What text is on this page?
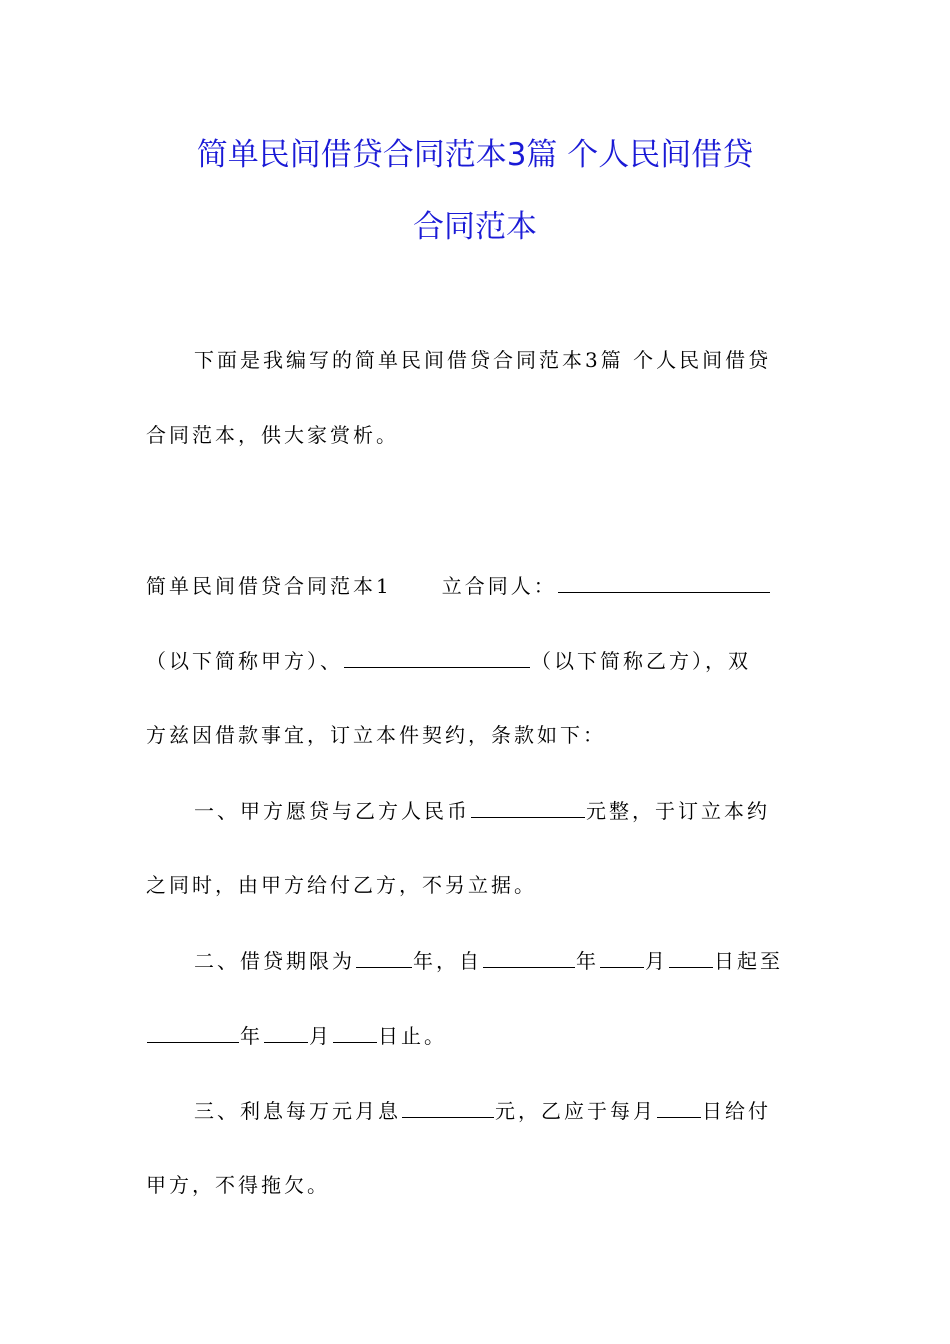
简单民间借贷合同范本3篇 个人民间借贷
合同范本
下面是我编写的简单民间借贷合同范本3篇 个人民间借贷
合同范本，供大家赏析。
简单民间借贷合同范本1	立合同人：
（以下简称甲方）、	（以下简称乙方），双
方兹因借款事宜，订立本件契约，条款如下：
一、甲方愿贷与乙方人民币	元整，于订立本约
之同时，由甲方给付乙方，不另立据。
二、借贷期限为	年，自	年 月 日起至
年 月 日止。
三、利息每万元月息	元，乙应于每月 日给付
甲方，不得拖欠。
